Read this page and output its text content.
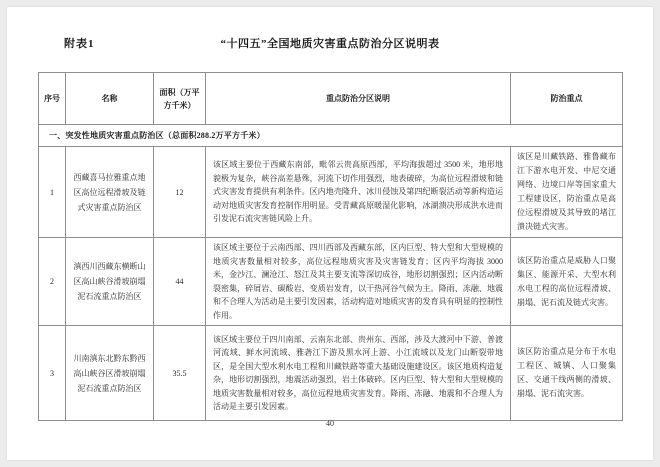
附表1	“十四五”全国地质灾害重点防治分区说明表
序号	名称	面积（万平方千米）	重点防治分区说明	防治重点
一、突发性地质灾害重点防治区（总面积288.2万平方千米）				
1	西藏喜马拉雅重点地区高位远程滑坡及链式灾害重点防治区	12	该区域主要位于西藏东南部，毗邻云贵高原西部，平均海拔超过 3500 米，地形地貌极为复杂，峡谷高差悬殊，河流下切作用强烈，地表破碎，为高位远程滑坡和链式灾害发育提供有利条件。区内地壳隆升、冰川侵蚀及第四纪断裂活动等新构造运动对地质灾害发育控制作用明显。受青藏高原暖湿化影响，冰湖溃决形成洪水进而引发泥石流灾害链风险上升。	该区是川藏铁路、雅鲁藏布江下游水电开发、中尼交通网络、边境口岸等国家重大工程建设区，防治重点是高位远程滑坡及其导致的堵江溃决链式灾害。
2	滇西川西藏东横断山区高山峡谷滑坡崩塌泥石流重点防治区	44	该区域主要位于云南西部、四川西部及西藏东部，区内巨型、特大型和大型规模的地质灾害数量相对较多，高位远程地质灾害及灾害链发育；区内平均海拔 3000 米，金沙江、澜沧江、怒江及其主要支流等深切成谷，地形切割强烈；区内活动断裂密集，碎屑岩、碳酸岩、变质岩发育，以干热河谷气候为主。降雨、冻融、地震和不合理人为活动是主要引发因素，活动构造对地质灾害的发育具有明显的控制性作用。	该区防治重点是威胁人口聚集区、能源开采、大型水利水电工程的高位远程滑坡、崩塌、泥石流及链式灾害。
3	川南滇东北黔东黔西高山峡谷区滑坡崩塌泥石流重点防治区	35.5	该区域主要位于四川南部、云南东北部、贵州东、西部，涉及大渡河中下游、普渡河流域、鲜水河流域、雅砻江下游及黑水河上游、小江流域以及龙门山断裂带地区，是全国大型水利水电工程和川藏铁路等重大基础设施建设区。该区地质构造复杂，地形切割强烈，地震活动强烈，岩土体破碎。区内巨型、特大型和大型规模的地质灾害数量相对较多，高位远程地质灾害发育。降雨、冻融、地震和不合理人为活动是主要引发因素。	该区防治重点是分布于水电工程区、城镇、人口聚集区、交通干线两侧的滑坡、崩塌、泥石流灾害。
40
